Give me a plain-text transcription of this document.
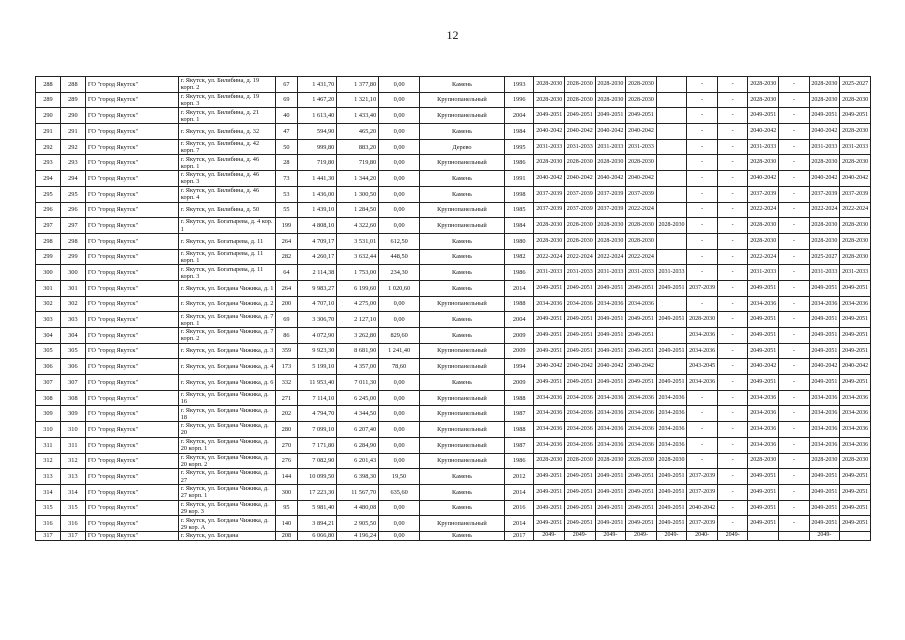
12
288	288	ГО "город Якутск"	г. Якутск, ул. Билибина, д. 19 корп. 2	67	1 431,70	1 377,80	0,00	Камень	1993	2028-2030	2028-2030	2028-2030	2028-2030		-	-	2028-2030	-	2028-2030	2025-2027
289	289	ГО "город Якутск"	г. Якутск, ул. Билибина, д. 19 корп. 3	69	1 467,20	1 321,10	0,00	Крупнопанельный	1996	2028-2030	2028-2030	2028-2030	2028-2030		-	-	2028-2030	-	2028-2030	2028-2030
290	290	ГО "город Якутск"	г. Якутск, ул. Билибина, д. 21 корп. 1	40	1 613,40	1 433,40	0,00	Крупнопанельный	2004	2049-2051	2049-2051	2049-2051	2049-2051		-	-	2049-2051	-	2049-2051	2049-2051
291	291	ГО "город Якутск"	г. Якутск, ул. Билибина, д. 32	47	594,90	465,20	0,00	Камень	1984	2040-2042	2040-2042	2040-2042	2040-2042		-	-	2040-2042	-	2040-2042	2028-2030
292	292	ГО "город Якутск"	г. Якутск, ул. Билибина, д. 42 корп. 7	50	999,80	883,20	0,00	Дерево	1995	2031-2033	2031-2033	2031-2033	2031-2033		-	-	2031-2033	-	2031-2033	2031-2033
293	293	ГО "город Якутск"	г. Якутск, ул. Билибина, д. 46 корп. 1	28	719,80	719,80	0,00	Крупнопанельный	1986	2028-2030	2028-2030	2028-2030	2028-2030		-	-	2028-2030	-	2028-2030	2028-2030
294	294	ГО "город Якутск"	г. Якутск, ул. Билибина, д. 46 корп. 3	73	1 441,30	1 344,20	0,00	Камень	1991	2040-2042	2040-2042	2040-2042	2040-2042		-	-	2040-2042	-	2040-2042	2040-2042
295	295	ГО "город Якутск"	г. Якутск, ул. Билибина, д. 46 корп. 4	53	1 436,00	1 300,50	0,00	Камень	1998	2037-2039	2037-2039	2037-2039	2037-2039		-	-	2037-2039	-	2037-2039	2037-2039
296	296	ГО "город Якутск"	г. Якутск, ул. Билибина, д. 50	55	1 439,10	1 284,50	0,00	Крупнопанельный	1985	2037-2039	2037-2039	2037-2039	2022-2024		-	-	2022-2024	-	2022-2024	2022-2024
297	297	ГО "город Якутск"	г. Якутск, ул. Богатырева, д. 4 кор. 1	199	4 808,10	4 322,60	0,00	Крупнопанельный	1984	2028-2030	2028-2030	2028-2030	2028-2030	2028-2030	-	-	2028-2030	-	2028-2030	2028-2030
298	298	ГО "город Якутск"	г. Якутск, ул. Богатырева, д. 11	264	4 709,17	3 531,01	612,50	Камень	1980	2028-2030	2028-2030	2028-2030	2028-2030		-	-	2028-2030	-	2028-2030	2028-2030
299	299	ГО "город Якутск"	г. Якутск, ул. Богатырева, д. 11 корп. 1	282	4 260,17	3 632,44	448,50	Камень	1982	2022-2024	2022-2024	2022-2024	2022-2024		-	-	2022-2024	-	2025-2027	2028-2030
300	300	ГО "город Якутск"	г. Якутск, ул. Богатырева, д. 11 корп. 3	64	2 114,38	1 753,00	234,30	Камень	1986	2031-2033	2031-2033	2031-2033	2031-2033	2031-2033	-	-	2031-2033	-	2031-2033	2031-2033
301	301	ГО "город Якутск"	г. Якутск, ул. Богдана Чижика, д. 1	264	9 983,27	6 199,60	1 020,60	Камень	2014	2049-2051	2049-2051	2049-2051	2049-2051	2049-2051	2037-2039	-	2049-2051	-	2049-2051	2049-2051
302	302	ГО "город Якутск"	г. Якутск, ул. Богдана Чижика, д. 2	200	4 707,10	4 275,00	0,00	Крупнопанельный	1988	2034-2036	2034-2036	2034-2036	2034-2036		-	-	2034-2036	-	2034-2036	2034-2036
303	303	ГО "город Якутск"	г. Якутск, ул. Богдана Чижика, д. 7 корп. 1	69	3 306,70	2 127,10	0,00	Камень	2004	2049-2051	2049-2051	2049-2051	2049-2051	2049-2051	2028-2030	-	2049-2051	-	2049-2051	2049-2051
304	304	ГО "город Якутск"	г. Якутск, ул. Богдана Чижика, д. 7 корп. 2	86	4 072,90	3 262,80	829,60	Камень	2009	2049-2051	2049-2051	2049-2051	2049-2051		2034-2036	-	2049-2051	-	2049-2051	2049-2051
305	305	ГО "город Якутск"	г. Якутск, ул. Богдана Чижика, д. 3	359	9 923,30	8 681,90	1 241,40	Крупнопанельный	2009	2049-2051	2049-2051	2049-2051	2049-2051	2049-2051	2034-2036	-	2049-2051	-	2049-2051	2049-2051
306	306	ГО "город Якутск"	г. Якутск, ул. Богдана Чижика, д. 4	173	5 199,10	4 357,00	78,60	Крупнопанельный	1994	2040-2042	2040-2042	2040-2042	2040-2042		2043-2045	-	2040-2042	-	2040-2042	2040-2042
307	307	ГО "город Якутск"	г. Якутск, ул. Богдана Чижика, д. 6	332	11 953,40	7 011,30	0,00	Камень	2009	2049-2051	2049-2051	2049-2051	2049-2051	2049-2051	2034-2036	-	2049-2051	-	2049-2051	2049-2051
308	308	ГО "город Якутск"	г. Якутск, ул. Богдана Чижика, д. 16	271	7 114,10	6 245,00	0,00	Крупнопанельный	1988	2034-2036	2034-2036	2034-2036	2034-2036	2034-2036	-	-	2034-2036	-	2034-2036	2034-2036
309	309	ГО "город Якутск"	г. Якутск, ул. Богдана Чижика, д. 18	202	4 794,70	4 344,50	0,00	Крупнопанельный	1987	2034-2036	2034-2036	2034-2036	2034-2036	2034-2036	-	-	2034-2036	-	2034-2036	2034-2036
310	310	ГО "город Якутск"	г. Якутск, ул. Богдана Чижика, д. 20	280	7 099,10	6 207,40	0,00	Крупнопанельный	1988	2034-2036	2034-2036	2034-2036	2034-2036	2034-2036	-	-	2034-2036	-	2034-2036	2034-2036
311	311	ГО "город Якутск"	г. Якутск, ул. Богдана Чижика, д. 20 корп. 1	270	7 171,80	6 284,90	0,00	Крупнопанельный	1987	2034-2036	2034-2036	2034-2036	2034-2036	2034-2036	-	-	2034-2036	-	2034-2036	2034-2036
312	312	ГО "город Якутск"	г. Якутск, ул. Богдана Чижика, д. 20 корп. 2	276	7 082,90	6 201,43	0,00	Крупнопанельный	1986	2028-2030	2028-2030	2028-2030	2028-2030	2028-2030	-	-	2028-2030	-	2028-2030	2028-2030
313	313	ГО "город Якутск"	г. Якутск, ул. Богдана Чижика, д. 27	144	10 099,50	6 398,30	19,50	Камень	2012	2049-2051	2049-2051	2049-2051	2049-2051	2049-2051	2037-2039	-	2049-2051	-	2049-2051	2049-2051
314	314	ГО "город Якутск"	г. Якутск, ул. Богдана Чижика, д. 27 корп. 1	300	17 223,30	11 567,70	635,60	Камень	2014	2049-2051	2049-2051	2049-2051	2049-2051	2049-2051	2037-2039	-	2049-2051	-	2049-2051	2049-2051
315	315	ГО "город Якутск"	г. Якутск, ул. Богдана Чижика, д. 29 кор. 3	95	5 981,40	4 480,08	0,00	Камень	2016	2049-2051	2049-2051	2049-2051	2049-2051	2049-2051	2040-2042	-	2049-2051	-	2049-2051	2049-2051
316	316	ГО "город Якутск"	г. Якутск, ул. Богдана Чижика, д. 29 кор. А	140	3 894,21	2 905,50	0,00	Крупнопанельный	2014	2049-2051	2049-2051	2049-2051	2049-2051	2049-2051	2037-2039	-	2049-2051	-	2049-2051	2049-2051
317	317	ГО "город Якутск"	г. Якутск, ул. Богдана	208	6 066,80	4 196,24	0,00	Камень	2017	2049-	2049-	2049-	2049-	2049-	2040-	2049-			2049-	
